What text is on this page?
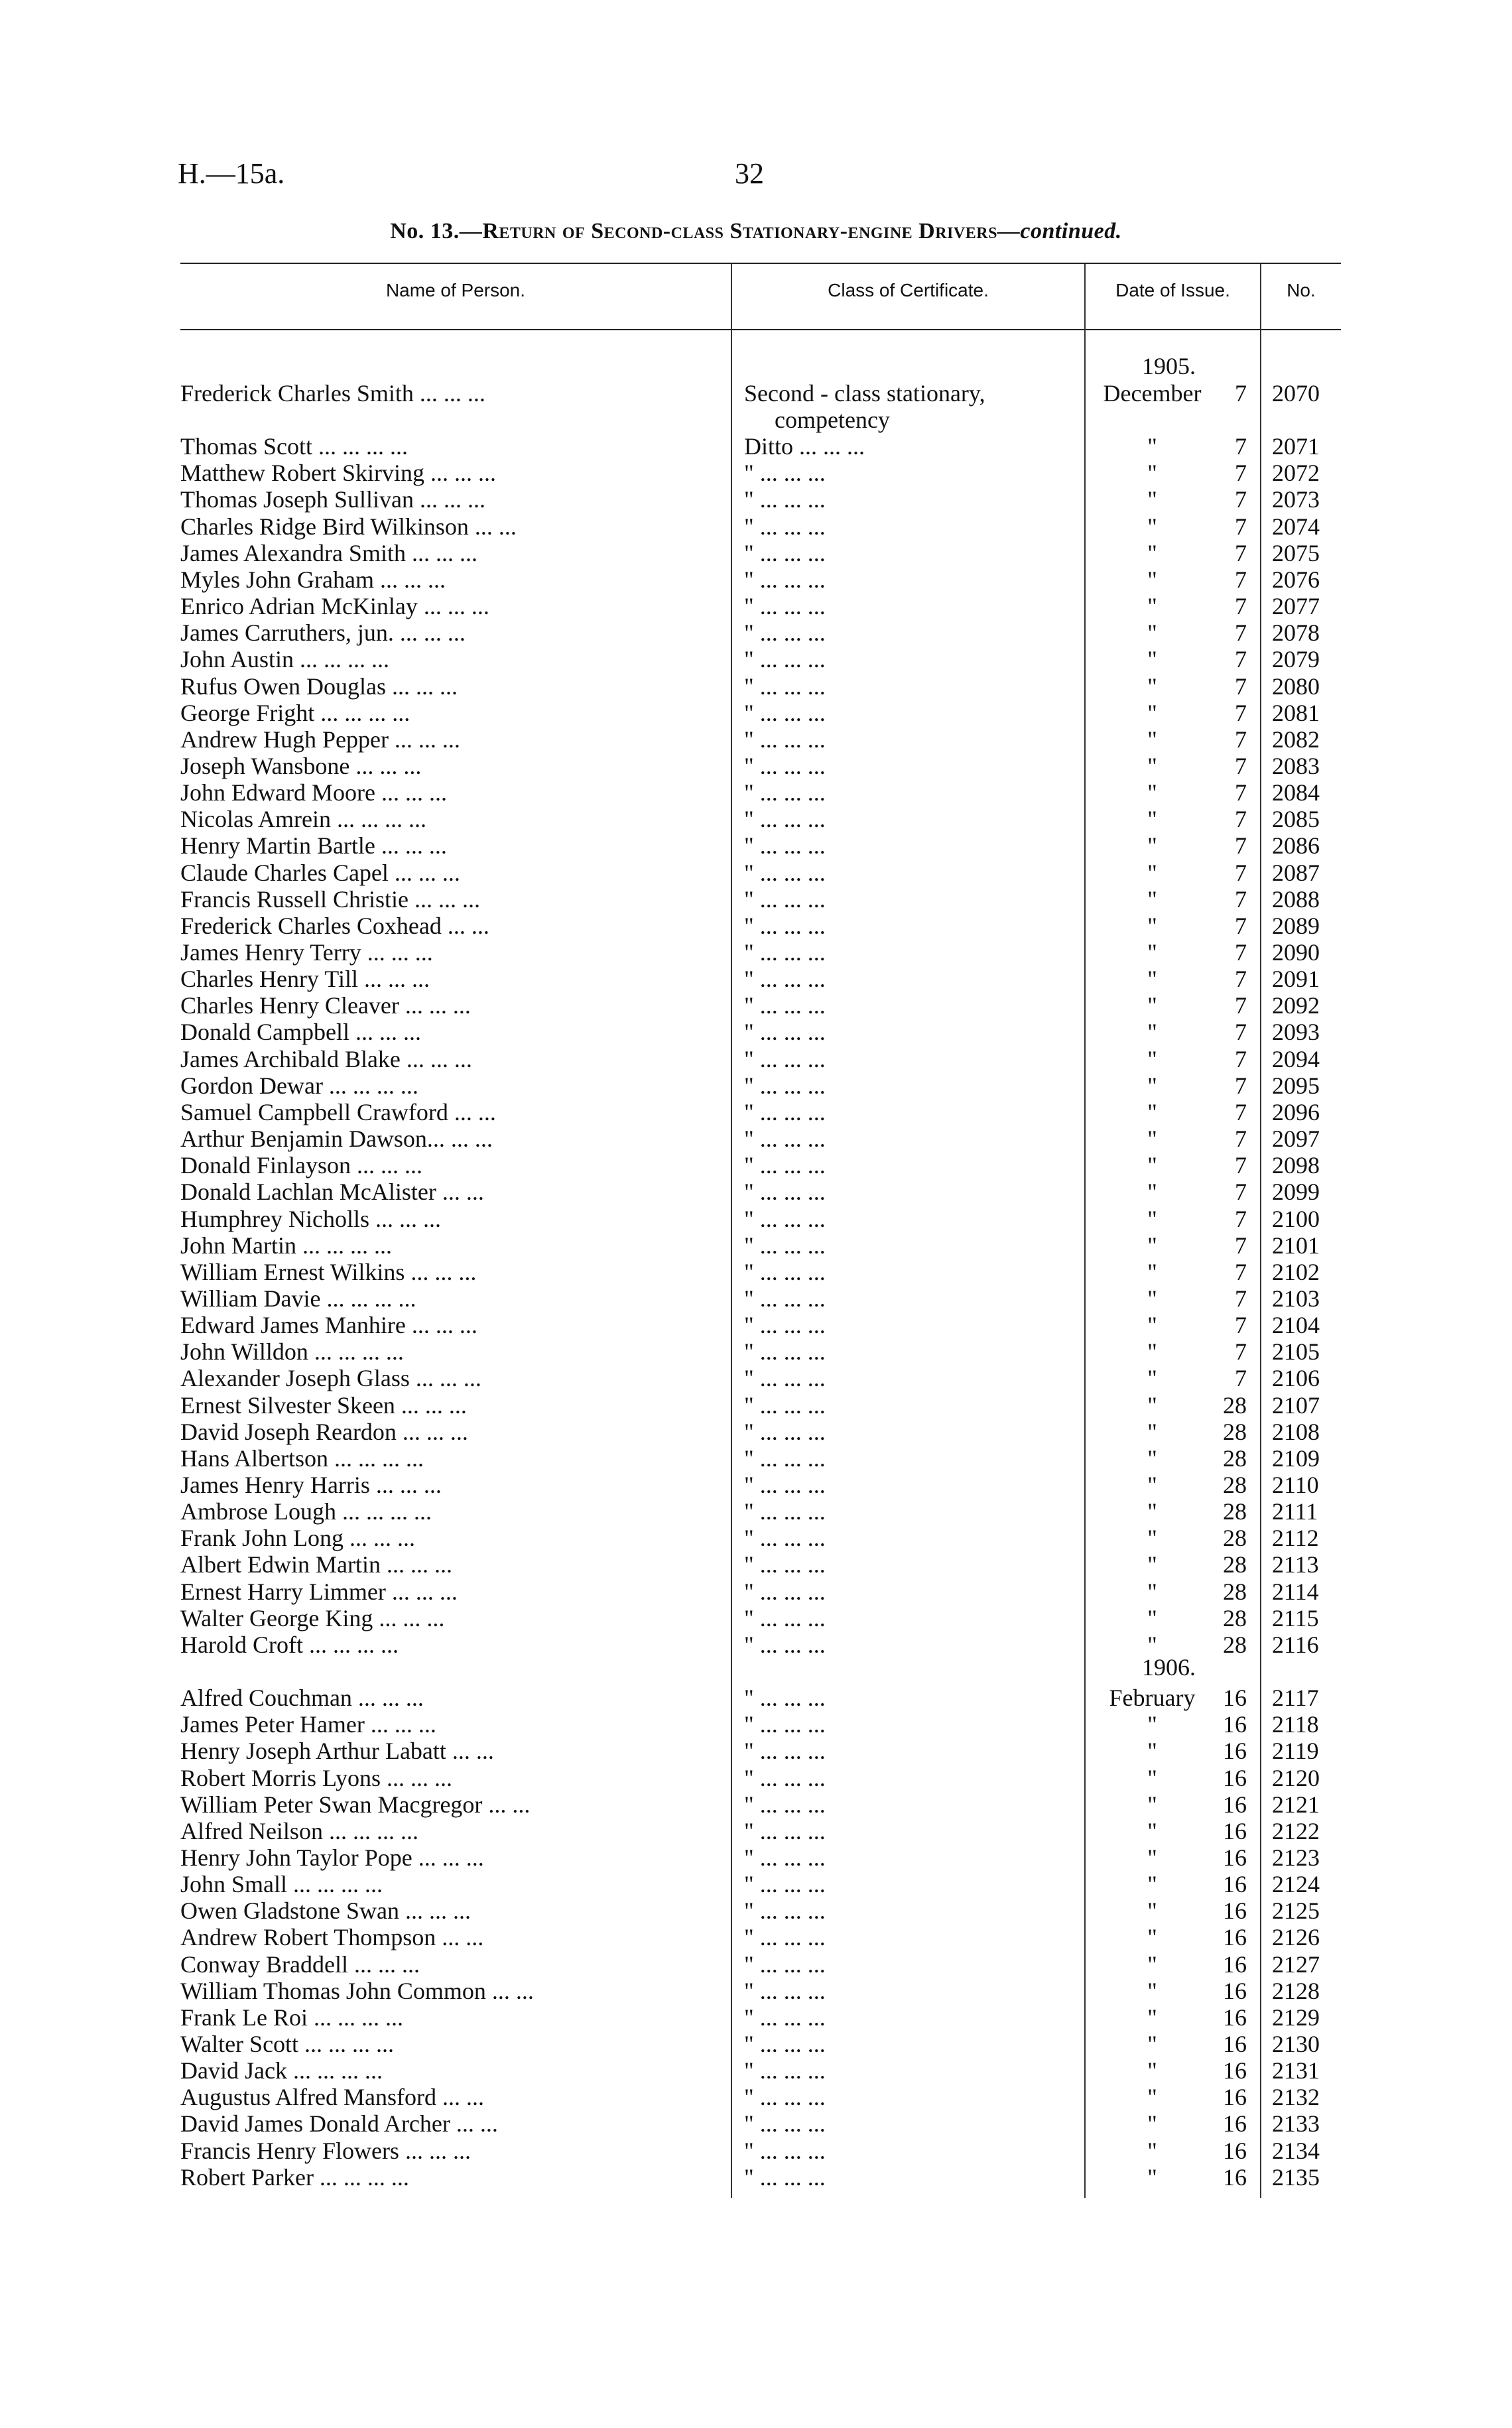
H.—15a.	32
No. 13.—Return of Second-class Stationary-engine Drivers—continued.
Name of Person.	Class of Certificate.	Date of Issue.	No.
1905.
competency
1906.
Frederick Charles Smith ... ... ...	Second - class stationary,	December	7 2070
Thomas Scott ... ... ... ...	Ditto ... ... ...	"	7 2071
Matthew Robert Skirving ... ... ...	" ... ... ...	"	7 2072
Thomas Joseph Sullivan ... ... ...	" ... ... ...	"	7 2073
Charles Ridge Bird Wilkinson ... ...	" ... ... ...	"	7 2074
James Alexandra Smith ... ... ...	" ... ... ...	"	7 2075
Myles John Graham ... ... ...	" ... ... ...	"	7 2076
Enrico Adrian McKinlay ... ... ...	" ... ... ...	"	7 2077
James Carruthers, jun. ... ... ...	" ... ... ...	"	7 2078
John Austin ... ... ... ...	" ... ... ...	"	7 2079
Rufus Owen Douglas ... ... ...	" ... ... ...	"	7 2080
George Fright ... ... ... ...	" ... ... ...	"	7 2081
Andrew Hugh Pepper ... ... ...	" ... ... ...	"	7 2082
Joseph Wansbone ... ... ...	" ... ... ...	"	7 2083
John Edward Moore ... ... ...	" ... ... ...	"	7 2084
Nicolas Amrein ... ... ... ...	" ... ... ...	"	7 2085
Henry Martin Bartle ... ... ...	" ... ... ...	"	7 2086
Claude Charles Capel ... ... ...	" ... ... ...	"	7 2087
Francis Russell Christie ... ... ...	" ... ... ...	"	7 2088
Frederick Charles Coxhead ... ...	" ... ... ...	"	7 2089
James Henry Terry ... ... ...	" ... ... ...	"	7 2090
Charles Henry Till ... ... ...	" ... ... ...	"	7 2091
Charles Henry Cleaver ... ... ...	" ... ... ...	"	7 2092
Donald Campbell ... ... ...	" ... ... ...	"	7 2093
James Archibald Blake ... ... ...	" ... ... ...	"	7 2094
Gordon Dewar ... ... ... ...	" ... ... ...	"	7 2095
Samuel Campbell Crawford ... ...	" ... ... ...	"	7 2096
Arthur Benjamin Dawson... ... ...	" ... ... ...	"	7 2097
Donald Finlayson ... ... ...	" ... ... ...	"	7 2098
Donald Lachlan McAlister ... ...	" ... ... ...	"	7 2099
Humphrey Nicholls ... ... ...	" ... ... ...	"	7 2100
John Martin ... ... ... ...	" ... ... ...	"	7 2101
William Ernest Wilkins ... ... ...	" ... ... ...	"	7 2102
William Davie ... ... ... ...	" ... ... ...	"	7 2103
Edward James Manhire ... ... ...	" ... ... ...	"	7 2104
John Willdon ... ... ... ...	" ... ... ...	"	7 2105
Alexander Joseph Glass ... ... ...	" ... ... ...	"	7 2106
Ernest Silvester Skeen ... ... ...	" ... ... ...	"	28 2107
David Joseph Reardon ... ... ...	" ... ... ...	"	28 2108
Hans Albertson ... ... ... ...	" ... ... ...	"	28 2109
James Henry Harris ... ... ...	" ... ... ...	"	28 2110
Ambrose Lough ... ... ... ...	" ... ... ...	"	28 2111
Frank John Long ... ... ...	" ... ... ...	"	28 2112
Albert Edwin Martin ... ... ...	" ... ... ...	"	28 2113
Ernest Harry Limmer ... ... ...	" ... ... ...	"	28 2114
Walter George King ... ... ...	" ... ... ...	"	28 2115
Harold Croft ... ... ... ...	" ... ... ...	"	28 2116
Alfred Couchman ... ... ...	" ... ... ...	February	16 2117
James Peter Hamer ... ... ...	" ... ... ...	"	16 2118
Henry Joseph Arthur Labatt ... ...	" ... ... ...	"	16 2119
Robert Morris Lyons ... ... ...	" ... ... ...	"	16 2120
William Peter Swan Macgregor ... ...	" ... ... ...	"	16 2121
Alfred Neilson ... ... ... ...	" ... ... ...	"	16 2122
Henry John Taylor Pope ... ... ...	" ... ... ...	"	16 2123
John Small ... ... ... ...	" ... ... ...	"	16 2124
Owen Gladstone Swan ... ... ...	" ... ... ...	"	16 2125
Andrew Robert Thompson ... ...	" ... ... ...	"	16 2126
Conway Braddell ... ... ...	" ... ... ...	"	16 2127
William Thomas John Common ... ...	" ... ... ...	"	16 2128
Frank Le Roi ... ... ... ...	" ... ... ...	"	16 2129
Walter Scott ... ... ... ...	" ... ... ...	"	16 2130
David Jack ... ... ... ...	" ... ... ...	"	16 2131
Augustus Alfred Mansford ... ...	" ... ... ...	"	16 2132
David James Donald Archer ... ...	" ... ... ...	"	16 2133
Francis Henry Flowers ... ... ...	" ... ... ...	"	16 2134
Robert Parker ... ... ... ...	" ... ... ...	"	16 2135
